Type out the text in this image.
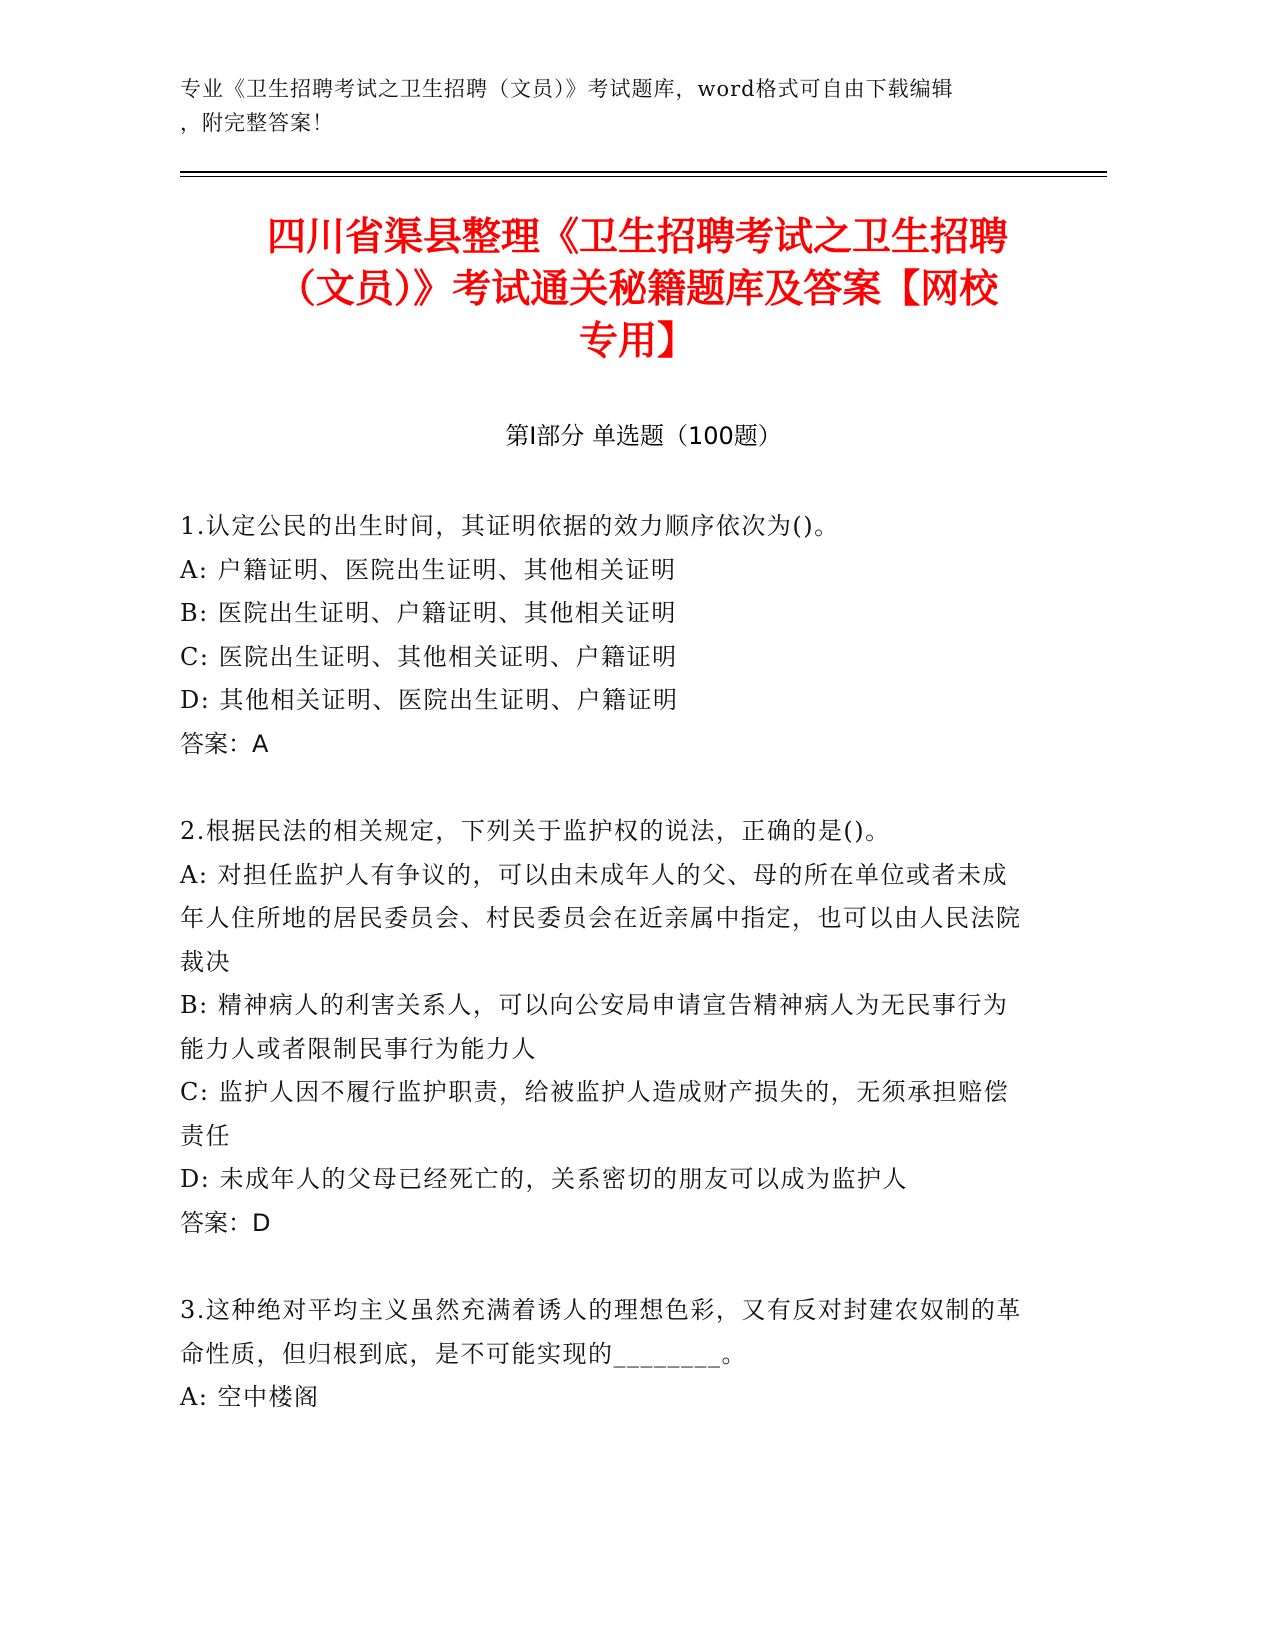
专业《卫生招聘考试之卫生招聘（文员）》考试题库，word格式可自由下载编辑
，附完整答案！
四川省渠县整理《卫生招聘考试之卫生招聘
（文员）》考试通关秘籍题库及答案【网校
专用】
第Ⅰ部分 单选题（100题）

1.认定公民的出生时间，其证明依据的效力顺序依次为()。

A: 户籍证明、医院出生证明、其他相关证明

B: 医院出生证明、户籍证明、其他相关证明

C: 医院出生证明、其他相关证明、户籍证明

D: 其他相关证明、医院出生证明、户籍证明

答案：A

2.根据民法的相关规定，下列关于监护权的说法，正确的是()。

A: 对担任监护人有争议的，可以由未成年人的父、母的所在单位或者未成年人住所地的居民委员会、村民委员会在近亲属中指定，也可以由人民法院裁决

B: 精神病人的利害关系人，可以向公安局申请宣告精神病人为无民事行为能力人或者限制民事行为能力人

C: 监护人因不履行监护职责，给被监护人造成财产损失的，无须承担赔偿责任

D: 未成年人的父母已经死亡的，关系密切的朋友可以成为监护人

答案：D

3.这种绝对平均主义虽然充满着诱人的理想色彩，又有反对封建农奴制的革命性质，但归根到底，是不可能实现的________。

A: 空中楼阁
